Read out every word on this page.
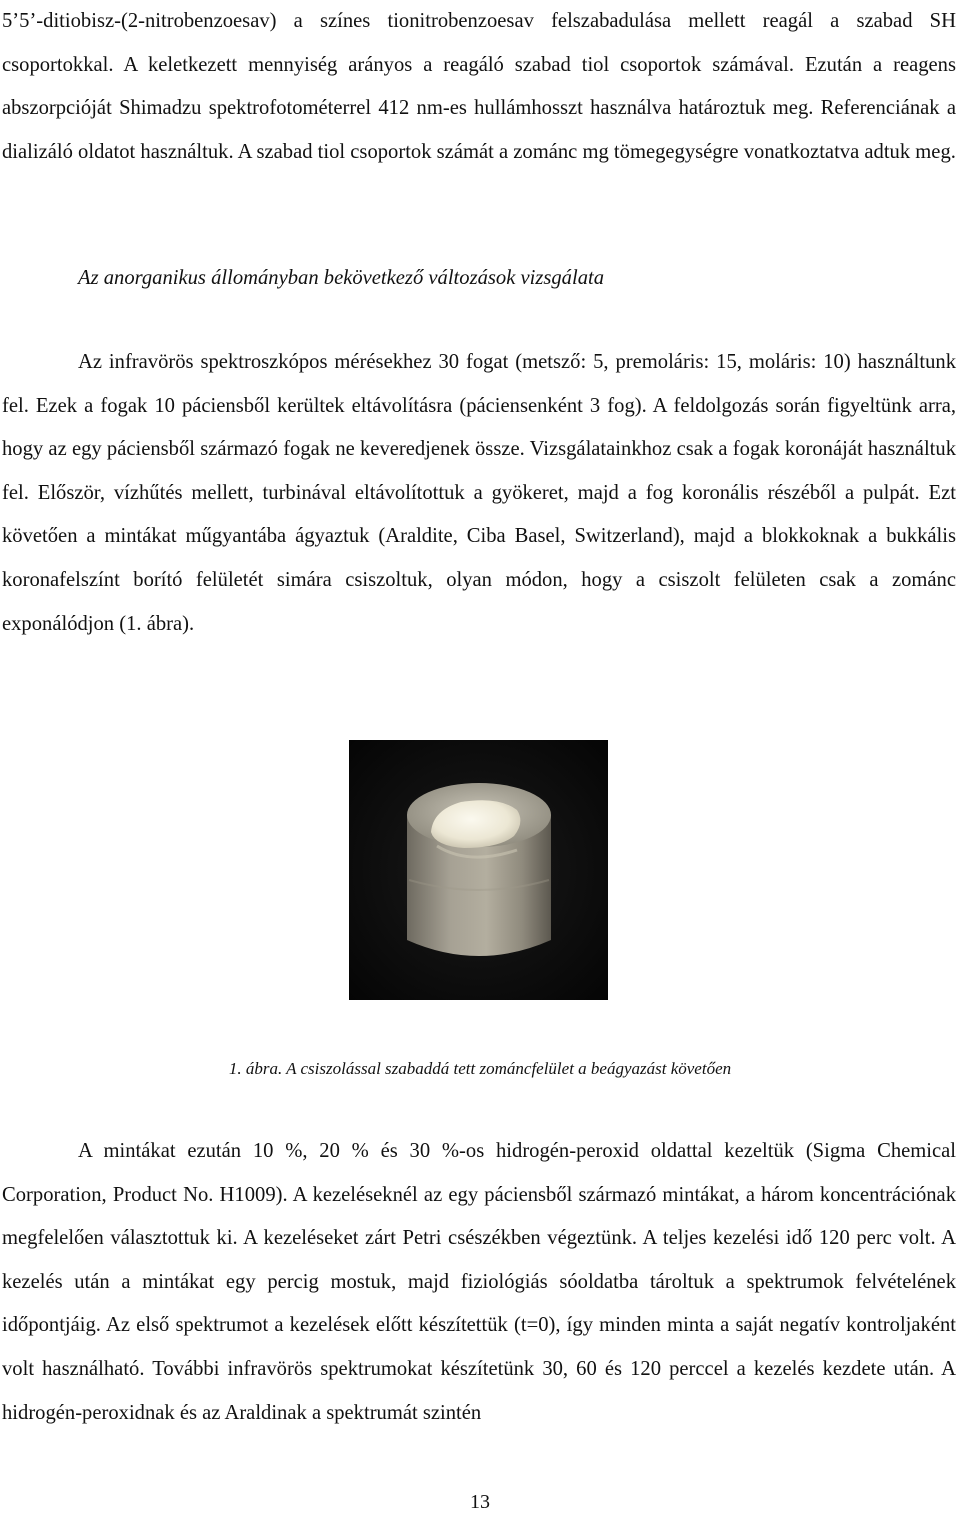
5’5’-ditiobisz-(2-nitrobenzoesav) a színes tionitrobenzoesav felszabadulása mellett reagál a szabad SH csoportokkal. A keletkezett mennyiség arányos a reagáló szabad tiol csoportok számával. Ezután a reagens abszorpcióját Shimadzu spektrofotométerrel 412 nm-es hullámhosszt használva határoztuk meg. Referenciának a dializáló oldatot használtuk. A szabad tiol csoportok számát a zománc mg tömegegységre vonatkoztatva adtuk meg.

Az anorganikus állományban bekövetkező változások vizsgálata

Az infravörös spektroszkópos mérésekhez 30 fogat (metsző: 5, premoláris: 15, moláris: 10) használtunk fel. Ezek a fogak 10 páciensből kerültek eltávolításra (páciensenként 3 fog). A feldolgozás során figyeltünk arra, hogy az egy páciensből származó fogak ne keveredjenek össze. Vizsgálatainkhoz csak a fogak koronáját használtuk fel. Először, vízhűtés mellett, turbinával eltávolítottuk a gyökeret, majd a fog koronális részéből a pulpát. Ezt követően a mintákat műgyantába ágyaztuk (Araldite, Ciba Basel, Switzerland), majd a blokkoknak a bukkális koronafelszínt borító felületét simára csiszoltuk, olyan módon, hogy a csiszolt felületen csak a zománc exponálódjon (1. ábra).

1. ábra. A csiszolással szabaddá tett zománcfelület a beágyazást követően

A mintákat ezután 10 %, 20 % és 30 %-os hidrogén-peroxid oldattal kezeltük (Sigma Chemical Corporation, Product No. H1009). A kezeléseknél az egy páciensből származó mintákat, a három koncentrációnak megfelelően választottuk ki. A kezeléseket zárt Petri csészékben végeztünk. A teljes kezelési idő 120 perc volt. A kezelés után a mintákat egy percig mostuk, majd fiziológiás sóoldatba tároltuk a spektrumok felvételének időpontjáig. Az első spektrumot a kezelések előtt készítettük (t=0), így minden minta a saját negatív kontroljaként volt használható. További infravörös spektrumokat készítetünk 30, 60 és 120 perccel a kezelés kezdete után. A hidrogén-peroxidnak és az Araldinak a spektrumát szintén

13
